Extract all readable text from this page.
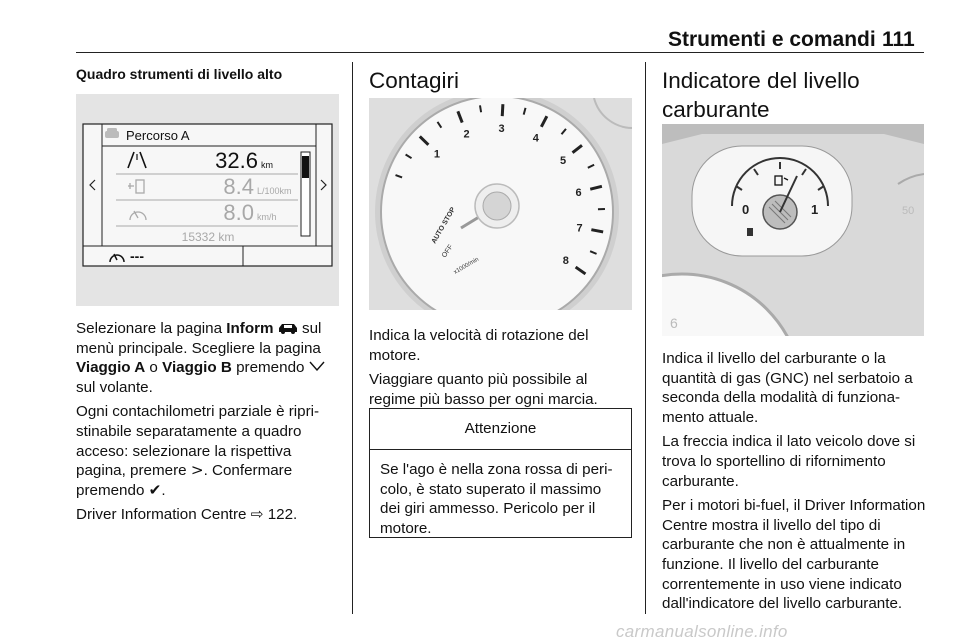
Strumenti e comandi 111
Quadro strumenti di livello alto
Percorso A
32.6 km
8.4 L/100km
8.0 km/h
15332 km
---

Selezionare la pagina Inform  sul menù principale. Scegliere la pagina Viaggio A o Viaggio B premendo
sul volante.

Ogni contachilometri parziale è ripristinabile separatamente a quadro acceso: selezionare la rispettiva pagina, premere >. Confermare premendo ✔.

Driver Information Centre ⇨ 122.

Contagiri
1
2	3
4
5
6
7
8
AUTO STOP
OFF
x1000/min

Indica la velocità di rotazione del motore.

Viaggiare quanto più possibile al regime più basso per ogni marcia.

Attenzione
Se l'ago è nella zona rossa di pericolo, è stato superato il massimo dei giri ammesso. Pericolo per il motore.
Indicatore del livello carburante
6
0	1	50

Indica il livello del carburante o la quantità di gas (GNC) nel serbatoio a seconda della modalità di funzionamento attuale.

La freccia indica il lato veicolo dove si trova lo sportellino di rifornimento carburante.

Per i motori bi-fuel, il Driver Information Centre mostra il livello del tipo di carburante che non è attualmente in funzione. Il livello del carburante correntemente in uso viene indicato dall'indicatore del livello carburante.

carmanualsonline.info
